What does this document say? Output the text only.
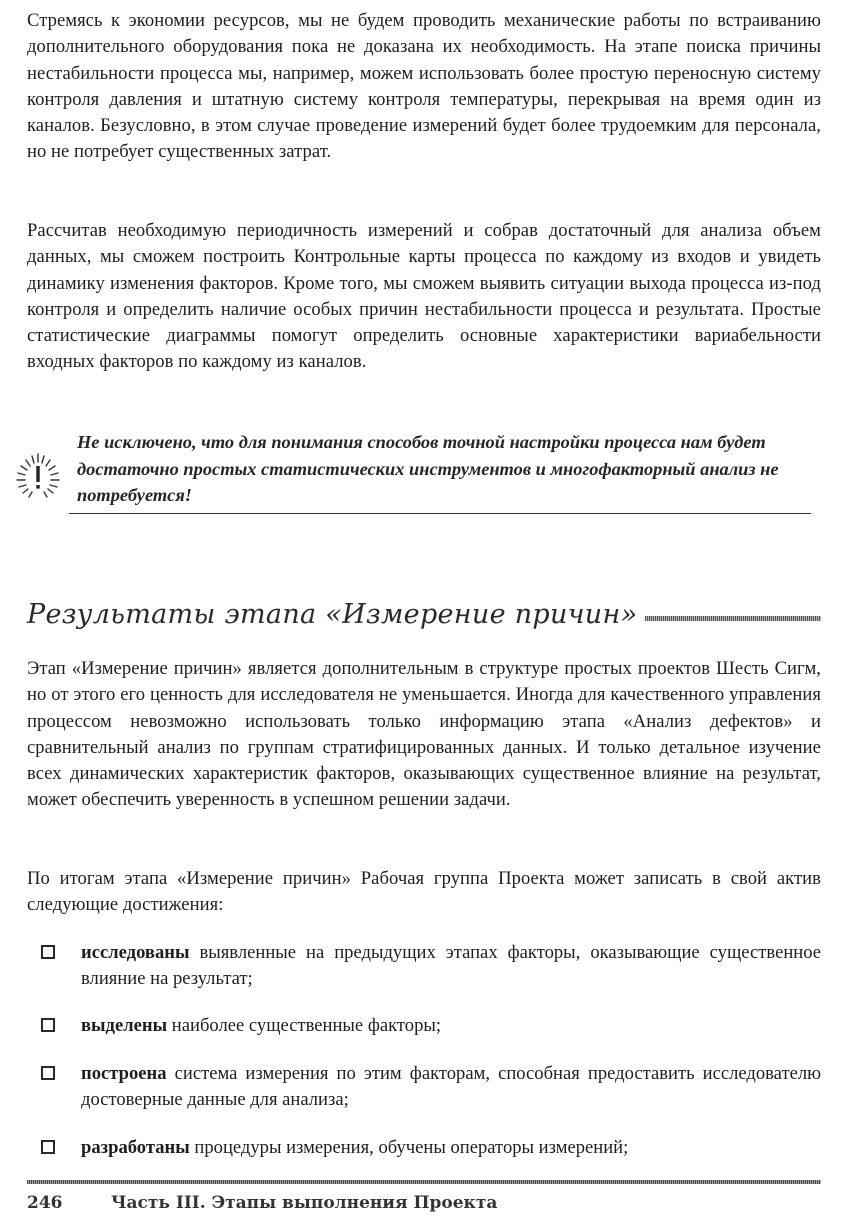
Стремясь к экономии ресурсов, мы не будем проводить механические работы по встраиванию дополнительного оборудования пока не доказана их необходимость. На этапе поиска причины нестабильности процесса мы, например, можем использовать более простую переносную систему контроля давления и штатную систему контроля температуры, перекрывая на время один из каналов. Безусловно, в этом случае проведение измерений будет более трудоемким для персонала, но не потребует существенных затрат.

Рассчитав необходимую периодичность измерений и собрав достаточный для анализа объем данных, мы сможем построить Контрольные карты процесса по каждому из входов и увидеть динамику изменения факторов. Кроме того, мы сможем выявить ситуации выхода процесса из-под контроля и определить наличие особых причин нестабильности процесса и результата. Простые статистические диаграммы помогут определить основные характеристики вариабельности входных факторов по каждому из каналов.

Не исключено, что для понимания способов точной настройки процесса нам будет достаточно простых статистических инструментов и многофакторный анализ не потребуется!
Результаты этапа «Измерение причин»

Этап «Измерение причин» является дополнительным в структуре простых проектов Шесть Сигм, но от этого его ценность для исследователя не уменьшается. Иногда для качественного управления процессом невозможно использовать только информацию этапа «Анализ дефектов» и сравнительный анализ по группам стратифицированных данных. И только детальное изучение всех динамических характеристик факторов, оказывающих существенное влияние на результат, может обеспечить уверенность в успешном решении задачи.

По итогам этапа «Измерение причин» Рабочая группа Проекта может записать в свой актив следующие достижения:

исследованы выявленные на предыдущих этапах факторы, оказывающие существенное влияние на результат;
выделены наиболее существенные факторы;
построена система измерения по этим факторам, способная предоставить исследователю достоверные данные для анализа;
разработаны процедуры измерения, обучены операторы измерений;
246	Часть III. Этапы выполнения Проекта
